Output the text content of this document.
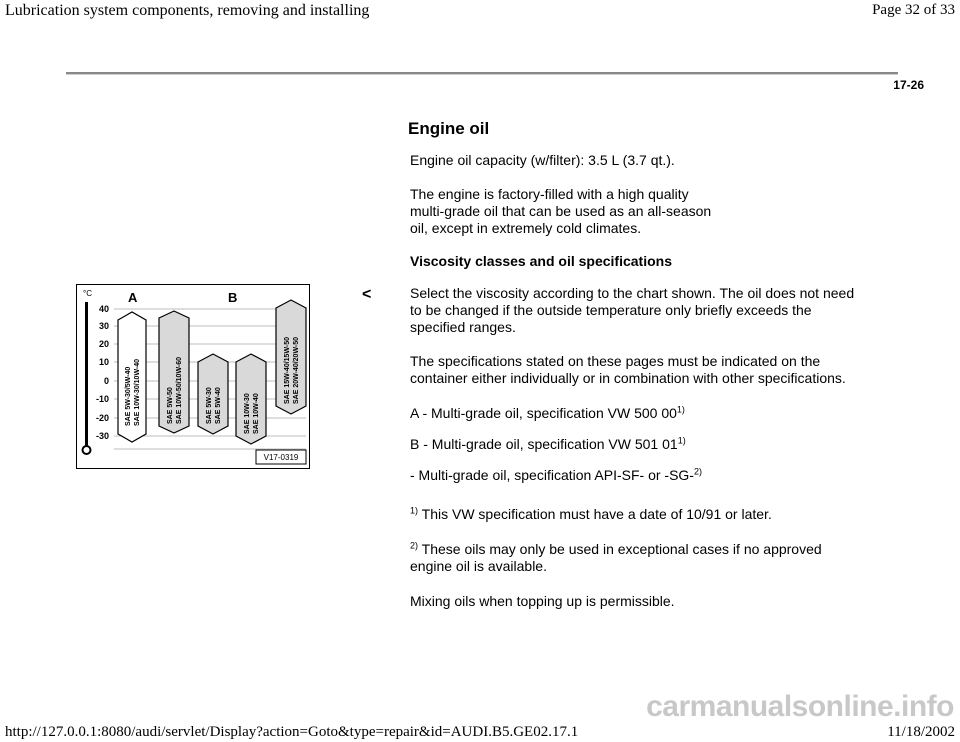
Lubrication system components, removing and installing	Page 32 of 33
17-26
Engine oil
Engine oil capacity (w/filter): 3.5 L (3.7 qt.).
The engine is factory-filled with a high quality
multi-grade oil that can be used as an all-season
oil, except in extremely cold climates.
Viscosity classes and oil specifications
<
°C
40
30
20
10
0
-10
-20
-30
A	B
SAE 5W-30/5W-40 SAE 10W-30/10W-40	SAE 5W-50 SAE 10W-50/10W-60	SAE 5W-30 SAE 5W-40	SAE 10W-30 SAE 10W-40
SAE 15W-40/15W-50 SAE 20W-40/20W-50
V17-0319
Select the viscosity according to the chart shown. The oil does not need
to be changed if the outside temperature only briefly exceeds the
specified ranges.
The specifications stated on these pages must be indicated on the
container either individually or in combination with other specifications.
A - Multi-grade oil, specification VW 500 00$^{1)}$
B - Multi-grade oil, specification VW 501 01$^{1)}$
- Multi-grade oil, specification API-SF- or -SG-$^{2)}$
$^{1)}$ This VW specification must have a date of 10/91 or later.
$^{2)}$ These oils may only be used in exceptional cases if no approved
engine oil is available.
Mixing oils when topping up is permissible.
carmanualsonline.info
http://127.0.0.1:8080/audi/servlet/Display?action=Goto&type=repair&id=AUDI.B5.GE02.17.1	11/18/2002
